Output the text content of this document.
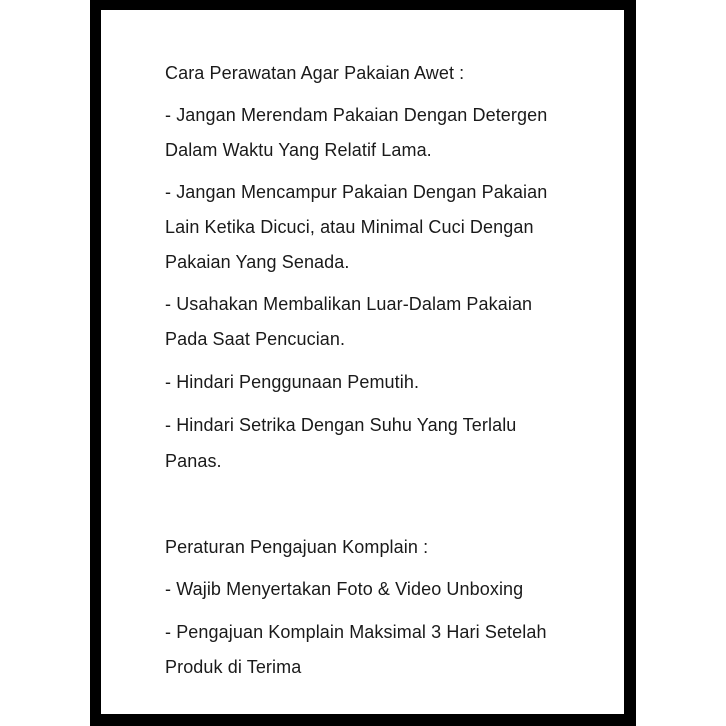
Cara Perawatan Agar Pakaian Awet :
- Jangan Merendam Pakaian Dengan Detergen
Dalam Waktu Yang Relatif Lama.
- Jangan Mencampur Pakaian Dengan Pakaian
Lain Ketika Dicuci, atau Minimal Cuci Dengan
Pakaian Yang Senada.
- Usahakan Membalikan Luar-Dalam Pakaian
Pada Saat Pencucian.
- Hindari Penggunaan Pemutih.
- Hindari Setrika Dengan Suhu Yang Terlalu
Panas.
Peraturan Pengajuan Komplain :
- Wajib Menyertakan Foto & Video Unboxing
- Pengajuan Komplain Maksimal 3 Hari Setelah
Produk di Terima
